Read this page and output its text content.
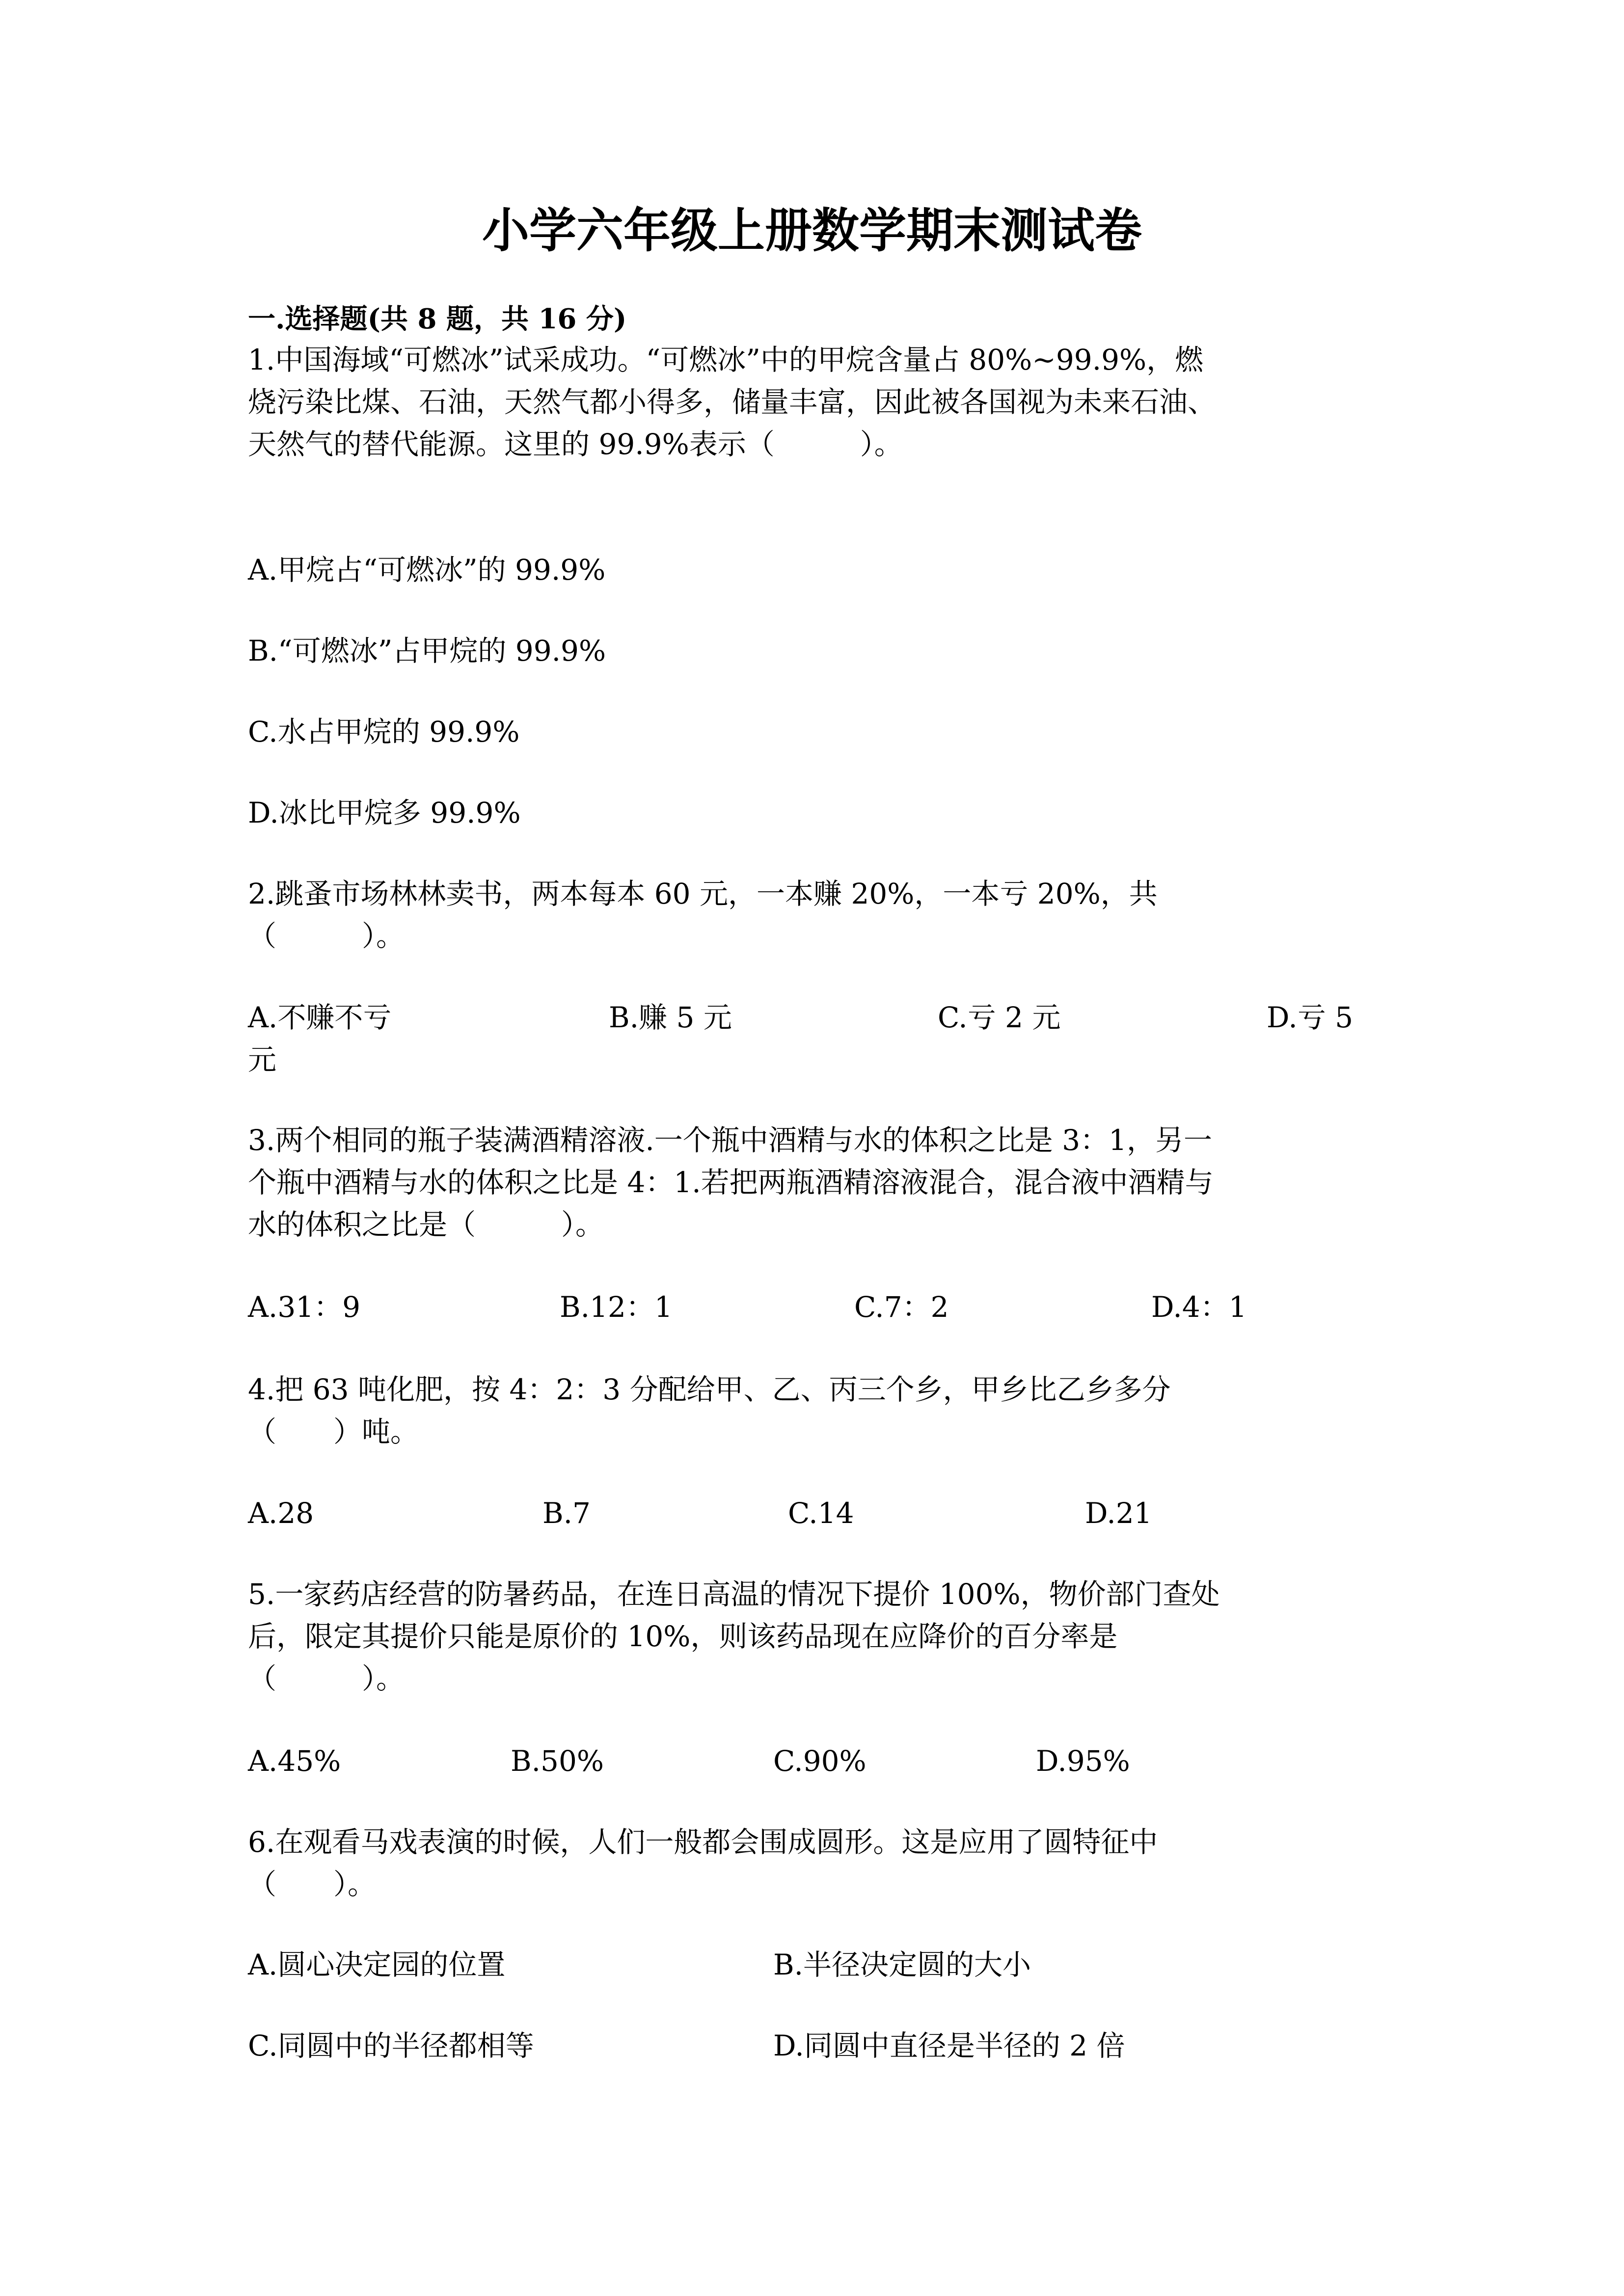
小学六年级上册数学期末测试卷
一.选择题(共 8 题，共 16 分)
1.中国海域“可燃冰”试采成功。“可燃冰”中的甲烷含量占 80%~99.9%，燃
烧污染比煤、石油，天然气都小得多，储量丰富，因此被各国视为未来石油、
天然气的替代能源。这里的 99.9%表示（　　　）。
A.甲烷占“可燃冰”的 99.9%
B.“可燃冰”占甲烷的 99.9%
C.水占甲烷的 99.9%
D.冰比甲烷多 99.9%
2.跳蚤市场林林卖书，两本每本 60 元，一本赚 20%，一本亏 20%，共
（　　　）。
A.不赚不亏	B.赚 5 元	C.亏 2 元	D.亏 5
元
3.两个相同的瓶子装满酒精溶液.一个瓶中酒精与水的体积之比是 3：1，另一
个瓶中酒精与水的体积之比是 4：1.若把两瓶酒精溶液混合，混合液中酒精与
水的体积之比是（　　　）。
A.31：9	B.12：1	C.7：2	D.4：1
4.把 63 吨化肥，按 4：2：3 分配给甲、乙、丙三个乡，甲乡比乙乡多分
（　　）吨。
A.28	B.7	C.14	D.21
5.一家药店经营的防暑药品，在连日高温的情况下提价 100%，物价部门查处
后，限定其提价只能是原价的 10%，则该药品现在应降价的百分率是
（　　　）。
A.45%	B.50%	C.90%	D.95%
6.在观看马戏表演的时候，人们一般都会围成圆形。这是应用了圆特征中
（　　）。
A.圆心决定园的位置	B.半径决定圆的大小
C.同圆中的半径都相等	D.同圆中直径是半径的 2 倍
